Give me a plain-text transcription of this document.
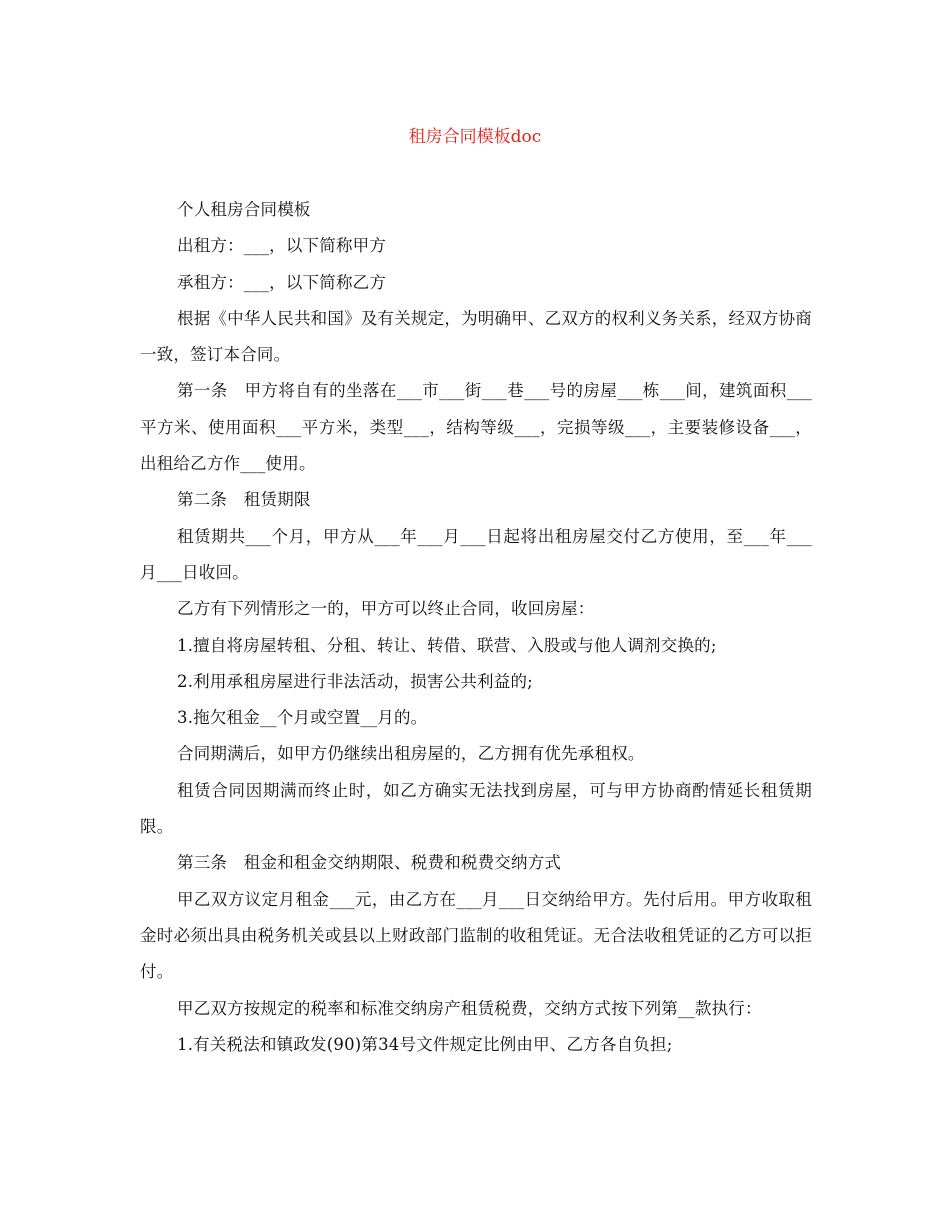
租房合同模板doc

个人租房合同模板

出租方：___，以下简称甲方

承租方：___，以下简称乙方

根据《中华人民共和国》及有关规定，为明确甲、乙双方的权利义务关系，经双方协商一致，签订本合同。

第一条　甲方将自有的坐落在___市___街___巷___号的房屋___栋___间，建筑面积___平方米、使用面积___平方米，类型___，结构等级___，完损等级___，主要装修设备___，出租给乙方作___使用。

第二条　租赁期限

租赁期共___个月，甲方从___年___月___日起将出租房屋交付乙方使用，至___年___月___日收回。

乙方有下列情形之一的，甲方可以终止合同，收回房屋：

1.擅自将房屋转租、分租、转让、转借、联营、入股或与他人调剂交换的;

2.利用承租房屋进行非法活动，损害公共利益的;

3.拖欠租金__个月或空置__月的。

合同期满后，如甲方仍继续出租房屋的，乙方拥有优先承租权。

租赁合同因期满而终止时，如乙方确实无法找到房屋，可与甲方协商酌情延长租赁期限。

第三条　租金和租金交纳期限、税费和税费交纳方式

甲乙双方议定月租金___元，由乙方在___月___日交纳给甲方。先付后用。甲方收取租金时必须出具由税务机关或县以上财政部门监制的收租凭证。无合法收租凭证的乙方可以拒付。

甲乙双方按规定的税率和标准交纳房产租赁税费，交纳方式按下列第__款执行：

1.有关税法和镇政发(90)第34号文件规定比例由甲、乙方各自负担;
